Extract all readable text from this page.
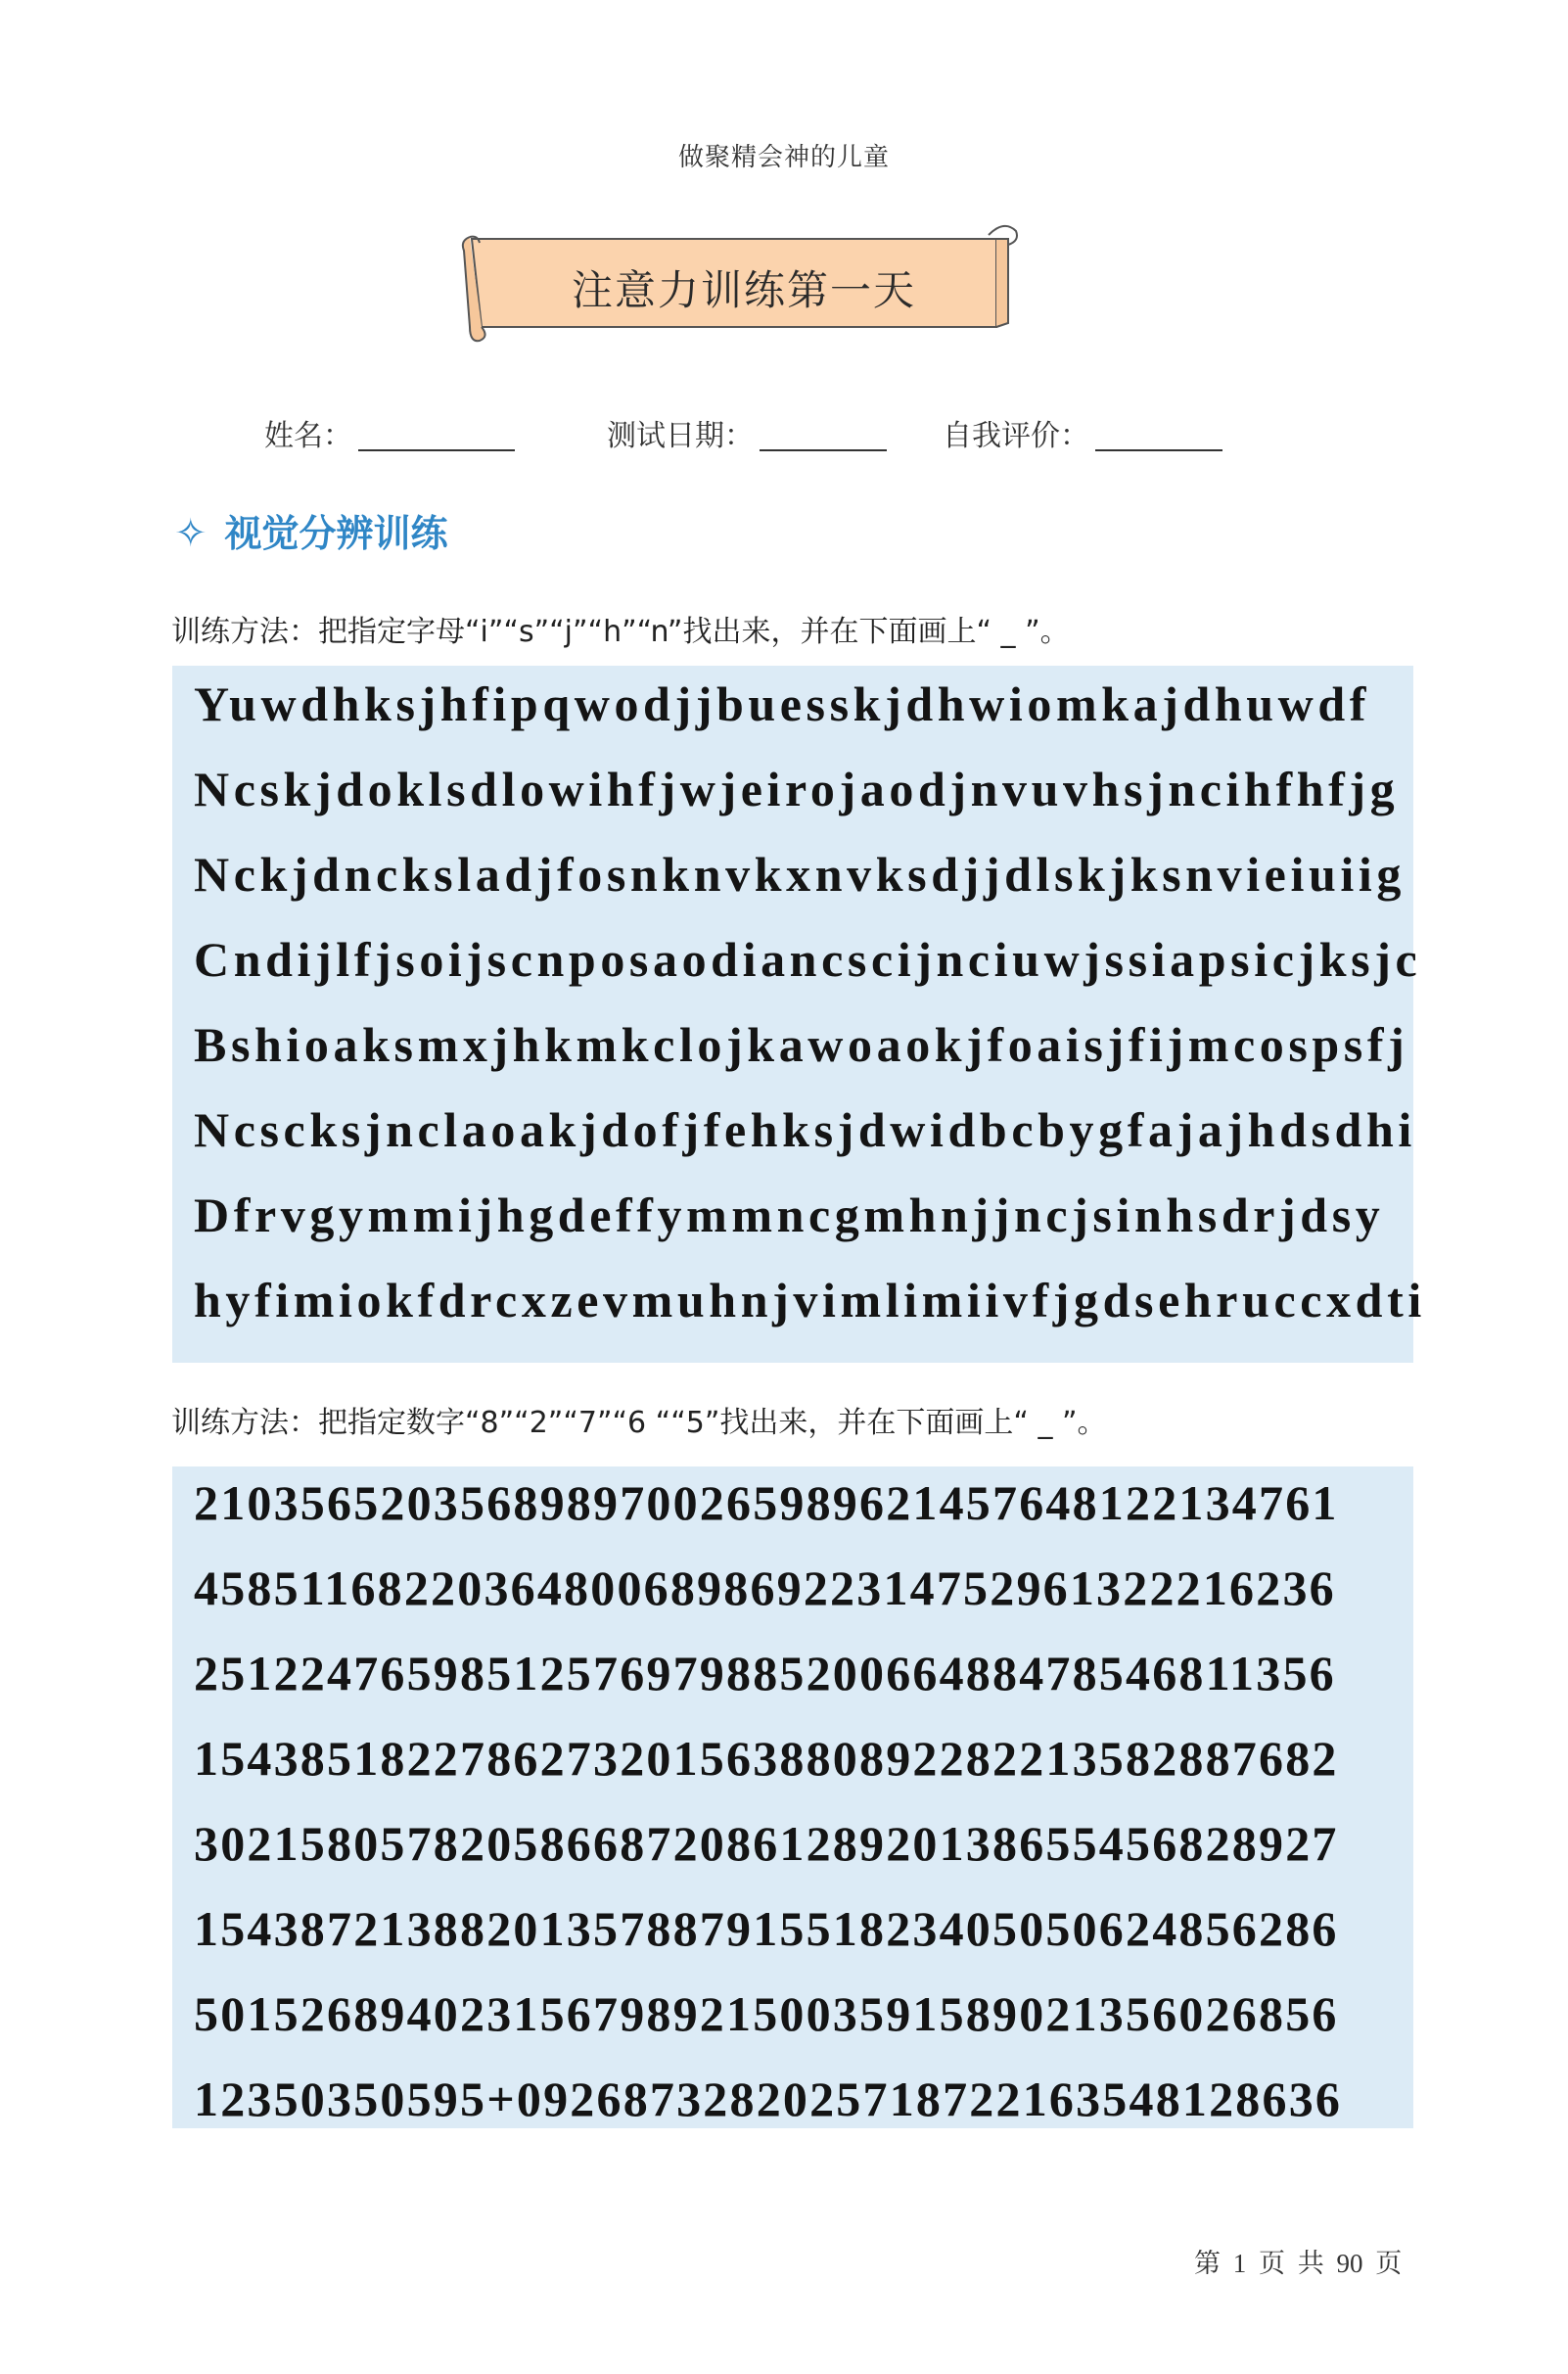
做聚精会神的儿童
注意力训练第一天
姓名：	测试日期：	自我评价：
✧ 视觉分辨训练
训练方法：把指定字母“i”“s”“j”“h”“n”找出来，并在下面画上“ _ ”。
Yuwdhksjhfipqwodjjbuesskjdhwiomkajdhuwdf
Ncskjdoklsdlowihfjwjeirojaodjnvuvhsjncihfhfjg
Nckjdncksladjfosnknvkxnvksdjjdlskjksnvieiuiig
Cndijlfjsoijscnposaodiancscijnciuwjssiapsicjksjc
Bshioaksmxjhkmkclojkawoaokjfoaisjfijmcospsfj
Ncscksjnclaoakjdofjfehksjdwidbcbygfajajhdsdhi
Dfrvgymmijhgdeffymmncgmhnjjncjsinhsdrjdsy
hyfimiokfdrcxzevmuhnjvimlimiivfjgdsehruccxdti
训练方法：把指定数字“8”“2”“7”“6 ““5”找出来，并在下面画上“ _ ”。
2103565203568989700265989621457648122134761
4585116822036480068986922314752961322216236
2512247659851257697988520066488478546811356
1543851822786273201563880892282213582887682
3021580578205866872086128920138655456828927
1543872138820135788791551823405050624856286
5015268940231567989215003591589021356026856
12350350595+0926873282025718722163548128636
第 1 页 共 90 页
